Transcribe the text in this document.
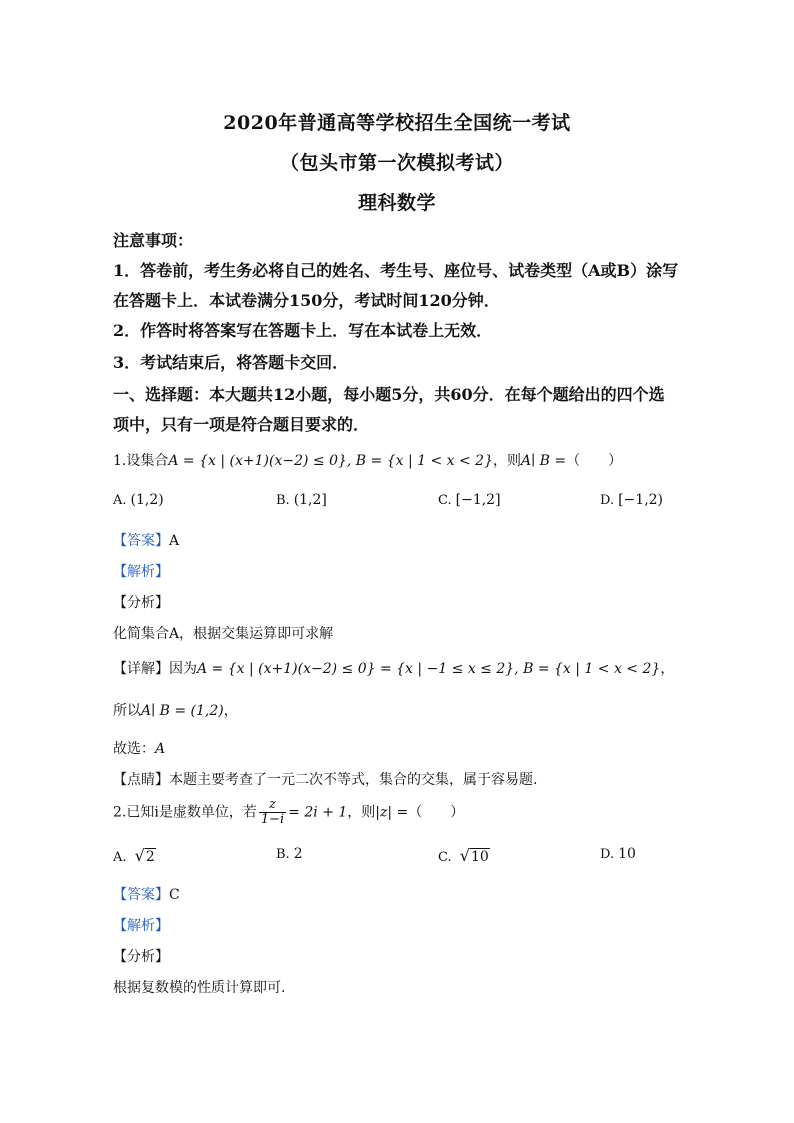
2020年普通高等学校招生全国统一考试
（包头市第一次模拟考试）
理科数学
注意事项：
1．答卷前，考生务必将自己的姓名、考生号、座位号、试卷类型（A或B）涂写
在答题卡上．本试卷满分150分，考试时间120分钟．
2．作答时将答案写在答题卡上．写在本试卷上无效．
3．考试结束后，将答题卡交回．
一、选择题：本大题共12小题，每小题5分，共60分．在每个题给出的四个选
项中，只有一项是符合题目要求的．
1.设集合A = {x | (x+1)(x−2) ≤ 0}, B = {x | 1 < x < 2}，则A∣ B =（　　）
A. (1,2)	B. (1,2]	C. [−1,2]	D. [−1,2)
【答案】A
【解析】
【分析】
化简集合A，根据交集运算即可求解
【详解】因为A = {x | (x+1)(x−2) ≤ 0} = {x | −1 ≤ x ≤ 2}, B = {x | 1 < x < 2}，
所以A∣ B = (1,2)，
故选：A
【点睛】本题主要考查了一元二次不等式，集合的交集，属于容易题.
2.已知i是虚数单位，若 $\frac{z}{1-i} = 2i + 1$，则|z| =（　　）
A. √2	B. 2	C. √10	D. 10
【答案】C
【解析】
【分析】
根据复数模的性质计算即可.
